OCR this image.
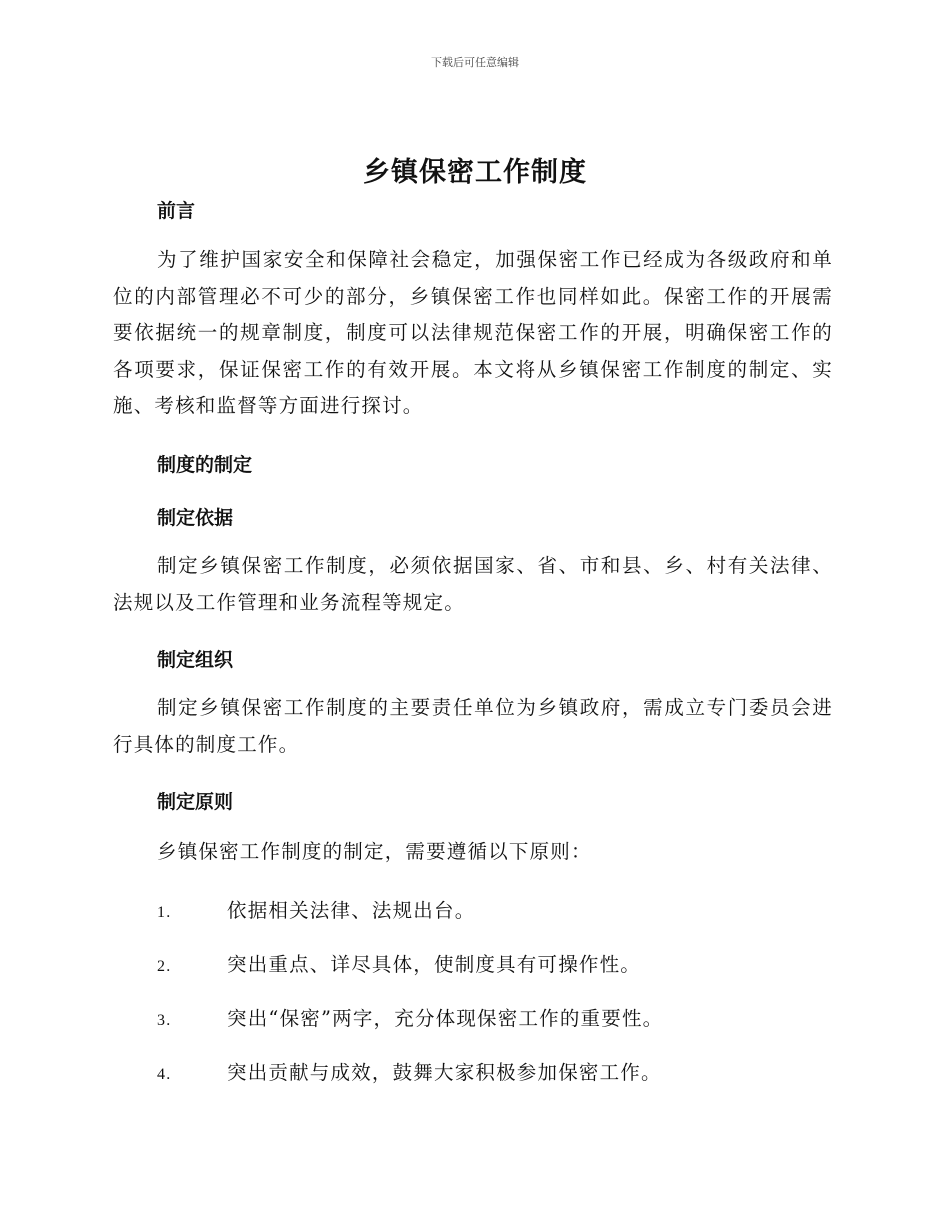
下载后可任意编辑
乡镇保密工作制度
前言

为了维护国家安全和保障社会稳定，加强保密工作已经成为各级政府和单位的内部管理必不可少的部分，乡镇保密工作也同样如此。保密工作的开展需要依据统一的规章制度，制度可以法律规范保密工作的开展，明确保密工作的各项要求，保证保密工作的有效开展。本文将从乡镇保密工作制度的制定、实施、考核和监督等方面进行探讨。

制度的制定
制定依据

制定乡镇保密工作制度，必须依据国家、省、市和县、乡、村有关法律、法规以及工作管理和业务流程等规定。

制定组织

制定乡镇保密工作制度的主要责任单位为乡镇政府，需成立专门委员会进行具体的制度工作。

制定原则

乡镇保密工作制度的制定，需要遵循以下原则：

1.	依据相关法律、法规出台。
2.	突出重点、详尽具体，使制度具有可操作性。
3.	突出“保密”两字，充分体现保密工作的重要性。
4.	突出贡献与成效，鼓舞大家积极参加保密工作。
